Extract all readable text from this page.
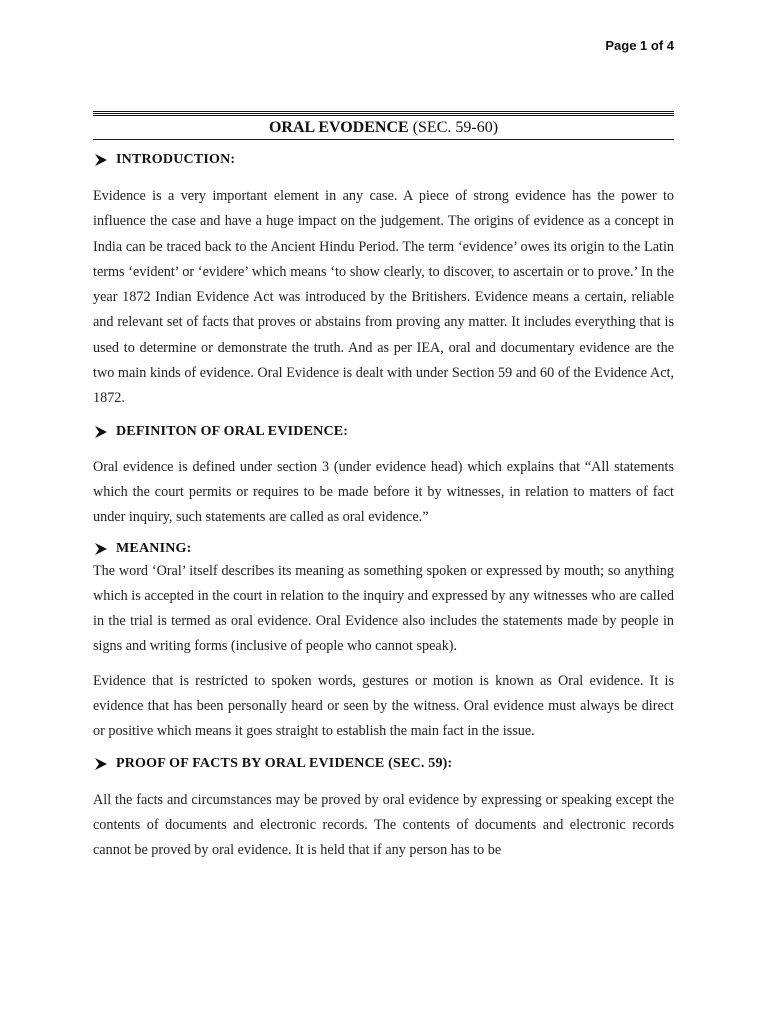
Page 1 of 4
ORAL EVODENCE (SEC. 59-60)
INTRODUCTION:

Evidence is a very important element in any case. A piece of strong evidence has the power to influence the case and have a huge impact on the judgement. The origins of evidence as a concept in India can be traced back to the Ancient Hindu Period. The term ‘evidence’ owes its origin to the Latin terms ‘evident’ or ‘evidere’ which means ‘to show clearly, to discover, to ascertain or to prove.’ In the year 1872 Indian Evidence Act was introduced by the Britishers. Evidence means a certain, reliable and relevant set of facts that proves or abstains from proving any matter. It includes everything that is used to determine or demonstrate the truth. And as per IEA, oral and documentary evidence are the two main kinds of evidence. Oral Evidence is dealt with under Section 59 and 60 of the Evidence Act, 1872.

DEFINITON OF ORAL EVIDENCE:

Oral evidence is defined under section 3 (under evidence head) which explains that “All statements which the court permits or requires to be made before it by witnesses, in relation to matters of fact under inquiry, such statements are called as oral evidence.”

MEANING:

The word ‘Oral’ itself describes its meaning as something spoken or expressed by mouth; so anything which is accepted in the court in relation to the inquiry and expressed by any witnesses who are called in the trial is termed as oral evidence. Oral Evidence also includes the statements made by people in signs and writing forms (inclusive of people who cannot speak).

Evidence that is restricted to spoken words, gestures or motion is known as Oral evidence. It is evidence that has been personally heard or seen by the witness. Oral evidence must always be direct or positive which means it goes straight to establish the main fact in the issue.

PROOF OF FACTS BY ORAL EVIDENCE (SEC. 59):

All the facts and circumstances may be proved by oral evidence by expressing or speaking except the contents of documents and electronic records. The contents of documents and electronic records cannot be proved by oral evidence. It is held that if any person has to be
